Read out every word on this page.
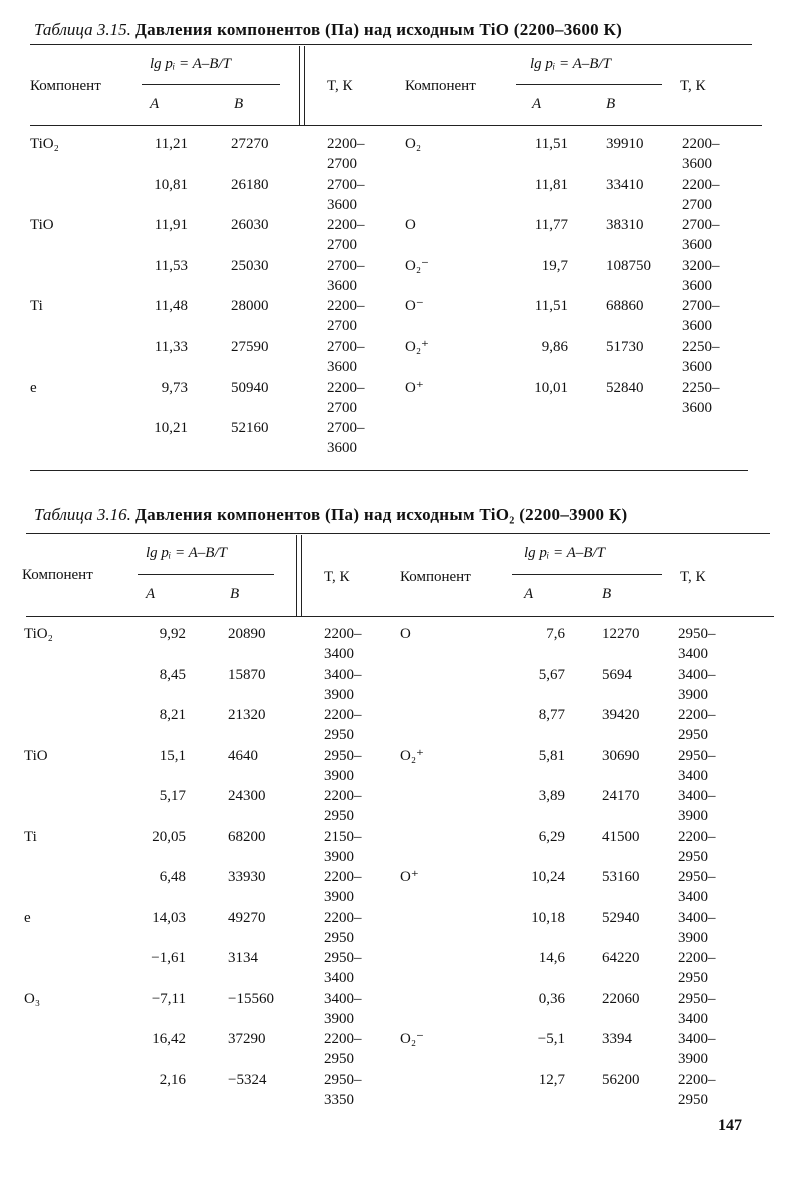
Таблица 3.15. Давления компонентов (Па) над исходным TiO (2200–3600 К)
Компонент
lg pᵢ = A–B/T
A	B
T, К	Компонент
lg pᵢ = A–B/T
A	B
T, К
TiO₂	11,21	27270	2200–
2700
10,81	26180	2700–
3600
TiO	11,91	26030	2200–
2700
11,53	25030	2700–
3600
Ti	11,48	28000	2200–
2700
11,33	27590	2700–
3600
e	9,73	50940	2200–
2700
10,21	52160	2700–
3600
O₂	11,51	39910	2200–
3600
11,81	33410	2200–
2700
O	11,77	38310	2700–
3600
O₂⁻	19,7	108750 3200–
3600
O⁻	11,51	68860	2700–
3600
O₂⁺	9,86	51730	2250–
3600
O⁺	10,01	52840	2250–
3600
Таблица 3.16. Давления компонентов (Па) над исходным TiO₂ (2200–3900 К)
Компонент
lg pᵢ = A–B/T
A	B
T, К	Компонент
lg pᵢ = A–B/T
A	B
T, К
TiO₂	9,92	20890	2200–
3400
8,45	15870	3400–
3900
8,21	21320	2200–
2950
TiO	15,1	4640	2950–
3900
5,17	24300	2200–
2950
Ti	20,05	68200	2150–
3900
6,48	33930	2200–
3900
e	14,03	49270	2200–
2950
−1,61	3134	2950–
3400
O₃	−7,11	−15560	3400–
3900
16,42	37290	2200–
2950
2,16	−5324	2950–
3350
O	7,6 12270	2950–
3400
5,67 5694	3400–
3900
8,77 39420	2200–
2950
O₂⁺	5,81 30690	2950–
3400
3,89 24170	3400–
3900
6,29 41500	2200–
2950
O⁺	10,24 53160	2950–
3400
10,18 52940	3400–
3900
14,6 64220	2200–
2950
0,36 22060	2950–
3400
O₂⁻	−5,1 3394	3400–
3900
12,7 56200	2200–
2950
147
